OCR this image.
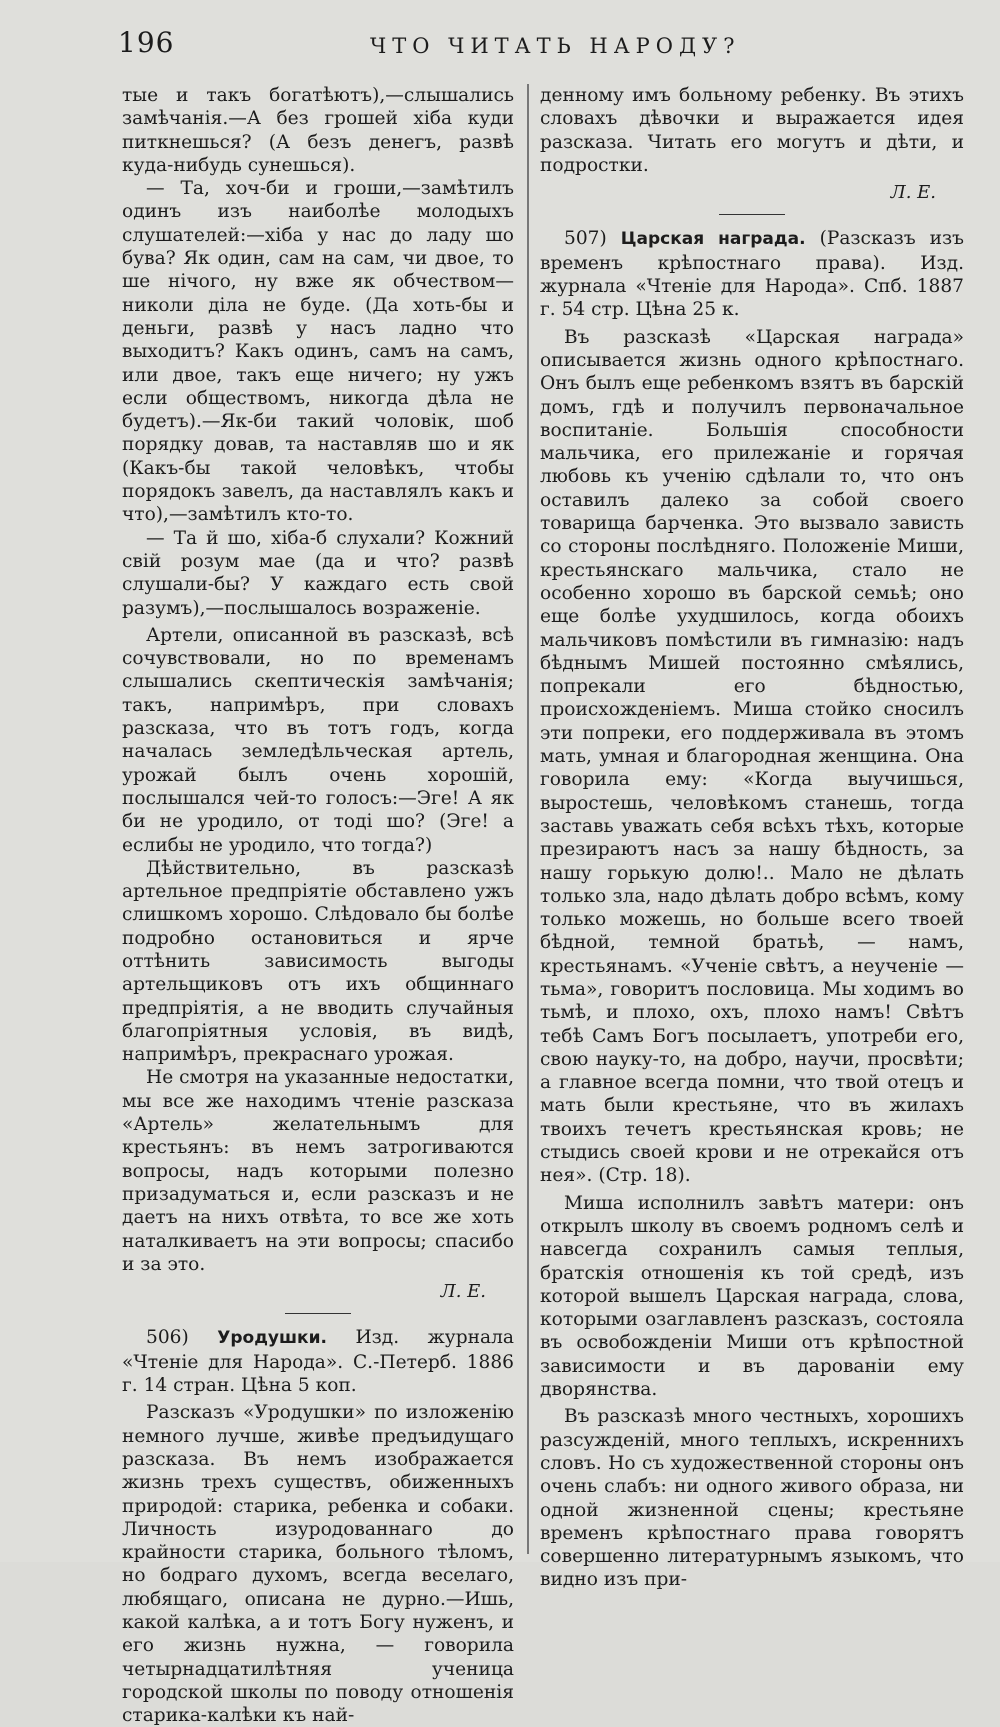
196	ЧТО ЧИТАТЬ НАРОДУ?

тые и такъ богатѣютъ),—слышались замѣчанія.—А без грошей хіба куди питкнешься? (А безъ денегъ, развѣ куда-нибудь сунешься).

— Та, хоч-би и гроши,—замѣтилъ одинъ изъ наиболѣе молодыхъ слушателей:—хіба у нас до ладу шо бува? Як один, сам на сам, чи двое, то ше нічого, ну вже як обчеством— николи діла не буде. (Да хоть-бы и деньги, развѣ у насъ ладно что выходитъ? Какъ одинъ, самъ на самъ, или двое, такъ еще ничего; ну ужъ если обществомъ, никогда дѣла не будетъ).—Як-би такий чоловік, шоб порядку довав, та наставляв шо и як (Какъ-бы такой человѣкъ, чтобы порядокъ завелъ, да наставлялъ какъ и что),—замѣтилъ кто-то.

— Та й шо, хіба-б слухали? Кожний свій розум мае (да и что? развѣ слушали-бы? У каждаго есть свой разумъ),—послышалось возраженіе.

Артели, описанной въ разсказѣ, всѣ сочувствовали, но по временамъ слышались скептическія замѣчанія; такъ, напримѣръ, при словахъ разсказа, что въ тотъ годъ, когда началась земледѣльческая артель, урожай былъ очень хорошій, послышался чей-то голосъ:—Эге! А як би не уродило, от тоді шо? (Эге! а еслибы не уродило, что тогда?)

Дѣйствительно, въ разсказѣ артельное предпріятіе обставлено ужъ слишкомъ хорошо. Слѣдовало бы болѣе подробно остановиться и ярче оттѣнить зависимость выгоды артельщиковъ отъ ихъ общиннаго предпріятія, а не вводить случайныя благопріятныя условія, въ видѣ, напримѣръ, прекраснаго урожая.

Не смотря на указанные недостатки, мы все же находимъ чтеніе разсказа «Артель» желательнымъ для крестьянъ: въ немъ затрогиваются вопросы, надъ которыми полезно призадуматься и, если разсказъ и не даетъ на нихъ отвѣта, то все же хоть наталкиваетъ на эти вопросы; спасибо и за это.

Л. Е.

506) Уродушки. Изд. журнала «Чтеніе для Народа». С.-Петерб. 1886 г. 14 стран. Цѣна 5 коп.

Разсказъ «Уродушки» по изложенію немного лучше, живѣе предъидущаго разсказа. Въ немъ изображается жизнь трехъ существъ, обиженныхъ природой: старика, ребенка и собаки. Личность изуродованнаго до крайности старика, больного тѣломъ, но бодраго духомъ, всегда веселаго, любящаго, описана не дурно.—Ишь, какой калѣка, а и тотъ Богу нуженъ, и его жизнь нужна, — говорила четырнадцатилѣтняя ученица городской школы по поводу отношенія старика-калѣки къ най-

денному имъ больному ребенку. Въ этихъ словахъ дѣвочки и выражается идея разсказа. Читать его могутъ и дѣти, и подростки.

Л. Е.

507) Царская награда. (Разсказъ изъ временъ крѣпостнаго права). Изд. журнала «Чтеніе для Народа». Спб. 1887 г. 54 стр. Цѣна 25 к.

Въ разсказѣ «Царская награда» описывается жизнь одного крѣпостнаго. Онъ былъ еще ребенкомъ взятъ въ барскій домъ, гдѣ и получилъ первоначальное воспитаніе. Большія способности мальчика, его прилежаніе и горячая любовь къ ученію сдѣлали то, что онъ оставилъ далеко за собой своего товарища барченка. Это вызвало зависть со стороны послѣдняго. Положеніе Миши, крестьянскаго мальчика, стало не особенно хорошо въ барской семьѣ; оно еще болѣе ухудшилось, когда обоихъ мальчиковъ помѣстили въ гимназію: надъ бѣднымъ Мишей постоянно смѣялись, попрекали его бѣдностью, происхожденіемъ. Миша стойко сносилъ эти попреки, его поддерживала въ этомъ мать, умная и благородная женщина. Она говорила ему: «Когда выучишься, выростешь, человѣкомъ станешь, тогда заставь уважать себя всѣхъ тѣхъ, которые презираютъ насъ за нашу бѣдность, за нашу горькую долю!.. Мало не дѣлать только зла, надо дѣлать добро всѣмъ, кому только можешь, но больше всего твоей бѣдной, темной братьѣ, — намъ, крестьянамъ. «Ученіе свѣтъ, а неученіе — тьма», говоритъ пословица. Мы ходимъ во тьмѣ, и плохо, охъ, плохо намъ! Свѣтъ тебѣ Самъ Богъ посылаетъ, употреби его, свою науку-то, на добро, научи, просвѣти; а главное всегда помни, что твой отецъ и мать были крестьяне, что въ жилахъ твоихъ течетъ крестьянская кровь; не стыдись своей крови и не отрекайся отъ нея». (Стр. 18).

Миша исполнилъ завѣтъ матери: онъ открылъ школу въ своемъ родномъ селѣ и навсегда сохранилъ самыя теплыя, братскія отношенія къ той средѣ, изъ которой вышелъ Царская награда, слова, которыми озаглавленъ разсказъ, состояла въ освобожденіи Миши отъ крѣпостной зависимости и въ дарованіи ему дворянства.

Въ разсказѣ много честныхъ, хорошихъ разсужденій, много теплыхъ, искреннихъ словъ. Но съ художественной стороны онъ очень слабъ: ни одного живого образа, ни одной жизненной сцены; крестьяне временъ крѣпостнаго права говорятъ совершенно литературнымъ языкомъ, что видно изъ при-
